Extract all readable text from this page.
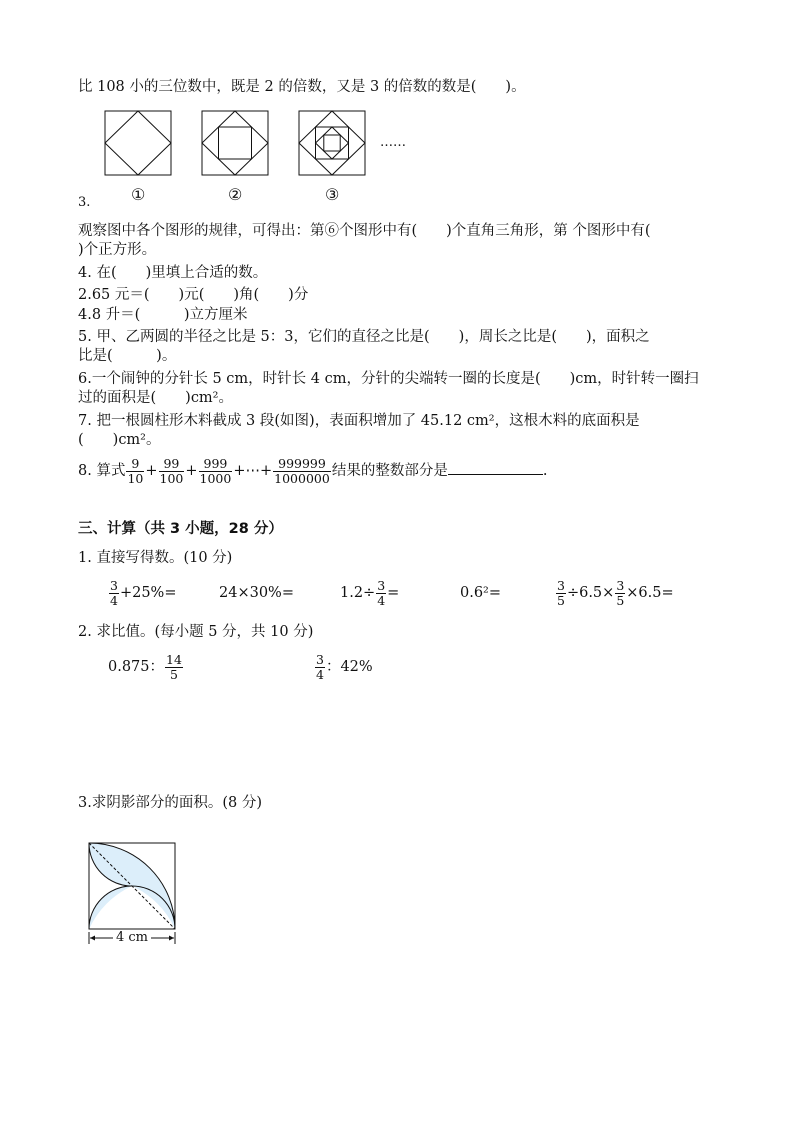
比 108 小的三位数中，既是 2 的倍数，又是 3 的倍数的数是(　　)。
……
①	②	③
3.
观察图中各个图形的规律，可得出：第⑥个图形中有(　　)个直角三角形，第 个图形中有(
)个正方形。
4. 在(　　)里填上合适的数。
2.65 元＝(　　)元(　　)角(　　)分
4.8 升＝(　　　)立方厘米
5. 甲、乙两圆的半径之比是 5：3，它们的直径之比是(　　)，周长之比是(　　)，面积之
比是(　　　)。
6.一个闹钟的分针长 5 cm，时针长 4 cm，分针的尖端转一圈的长度是(　　)cm，时针转一圈扫
过的面积是(　　)cm²。
7. 把一根圆柱形木料截成 3 段(如图)，表面积增加了 45.12 cm²，这根木料的底面积是
(　　)cm²。
8. 算式 $\frac{9}{10} + \frac{99}{100} + \frac{999}{1000}$ +⋯+ $\frac{999999}{1000000}$ 结果的整数部分是	.
三、计算（共 3 小题，28 分）
1. 直接写得数。(10 分)
$\frac{3}{4} +25\%=$	24×30%=	$1.2\div \frac{3}{4}$ =	0.6²=	$\frac{3}{5} \div 6.5\times \frac{3}{5} \times 6.5=$
2. 求比值。(每小题 5 分，共 10 分)
0.875： $\frac{14}{5}$	$\frac{3}{4}$ ：42%
3.求阴影部分的面积。(8 分)
4 cm
